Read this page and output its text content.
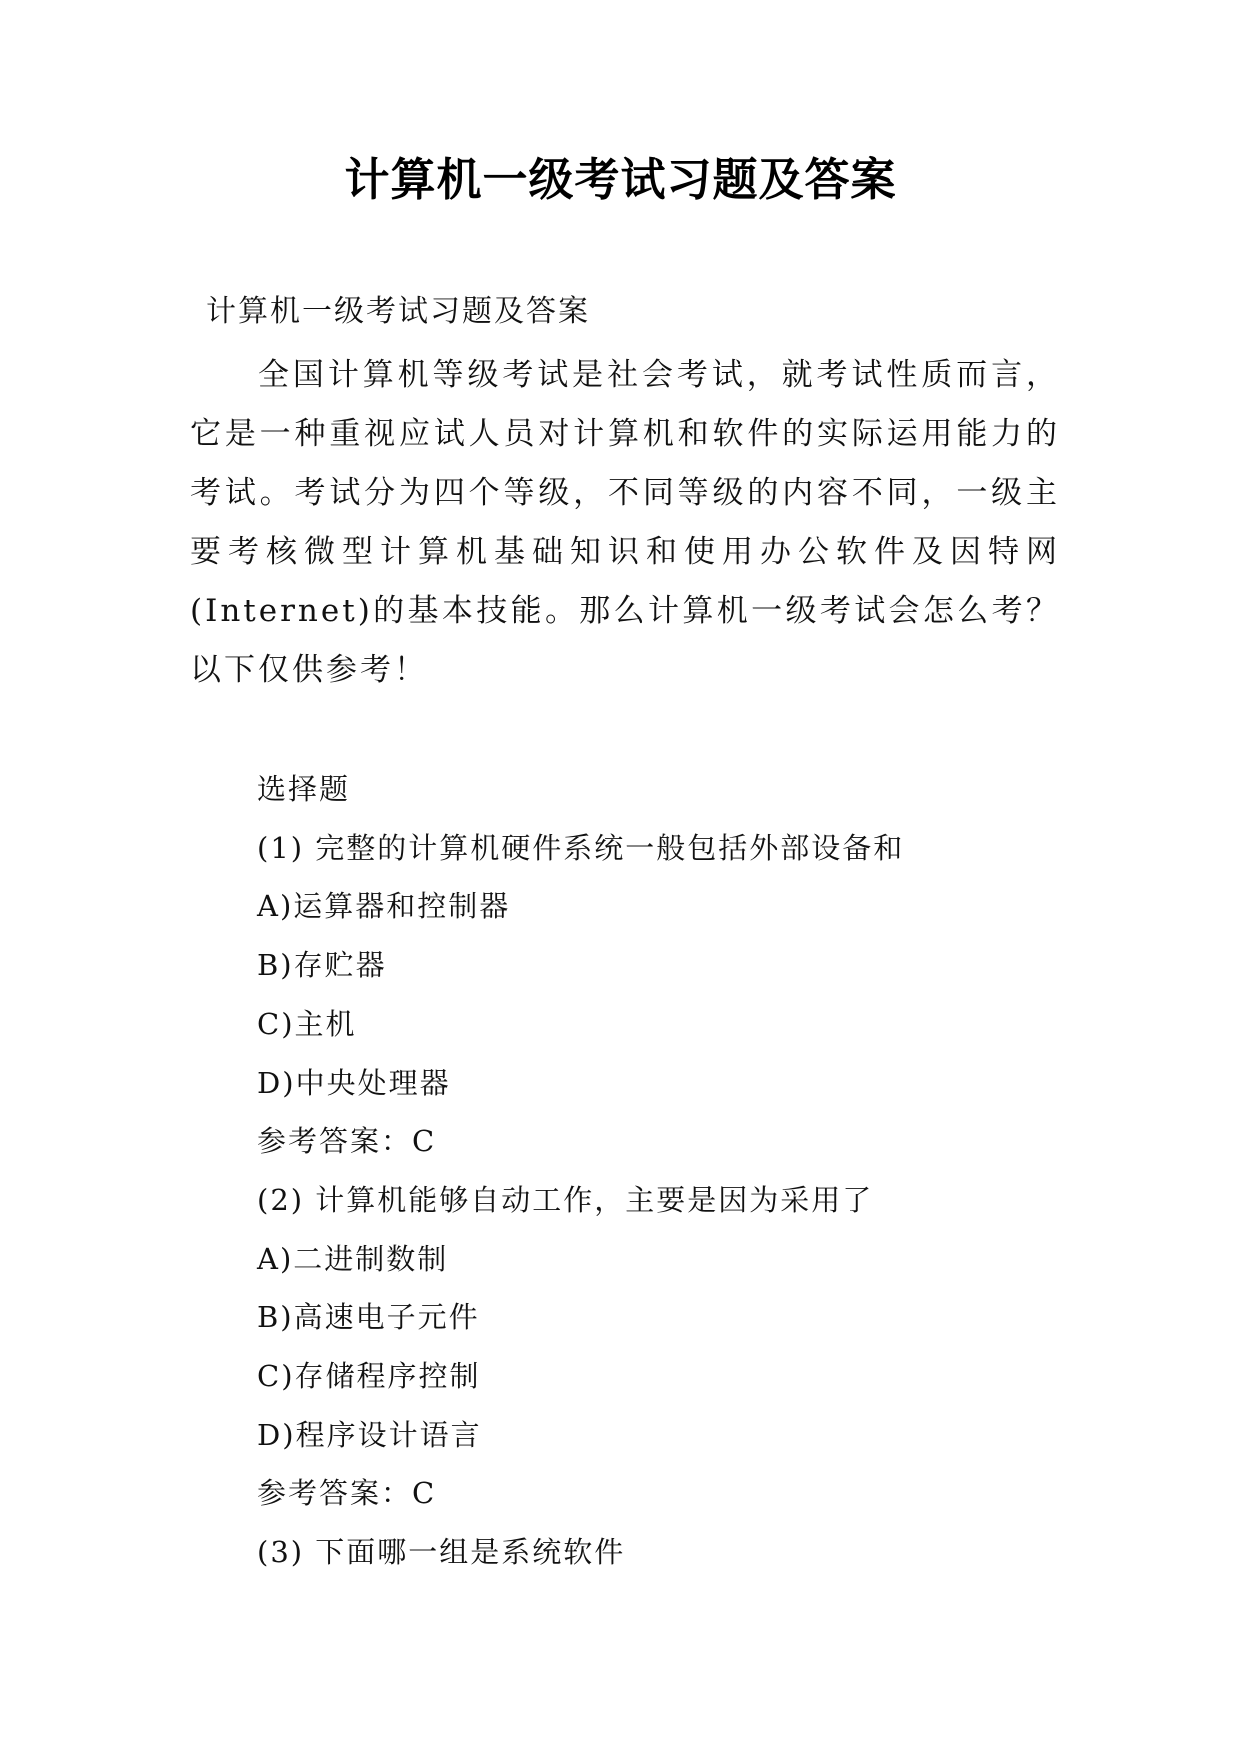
计算机一级考试习题及答案
计算机一级考试习题及答案

全国计算机等级考试是社会考试，就考试性质而言，它是一种重视应试人员对计算机和软件的实际运用能力的考试。考试分为四个等级，不同等级的内容不同，一级主要考核微型计算机基础知识和使用办公软件及因特网(Internet)的基本技能。那么计算机一级考试会怎么考？以下仅供参考！

选择题
(1) 完整的计算机硬件系统一般包括外部设备和
A)运算器和控制器
B)存贮器
C)主机
D)中央处理器
参考答案：C
(2) 计算机能够自动工作，主要是因为采用了
A)二进制数制
B)高速电子元件
C)存储程序控制
D)程序设计语言
参考答案：C
(3) 下面哪一组是系统软件
